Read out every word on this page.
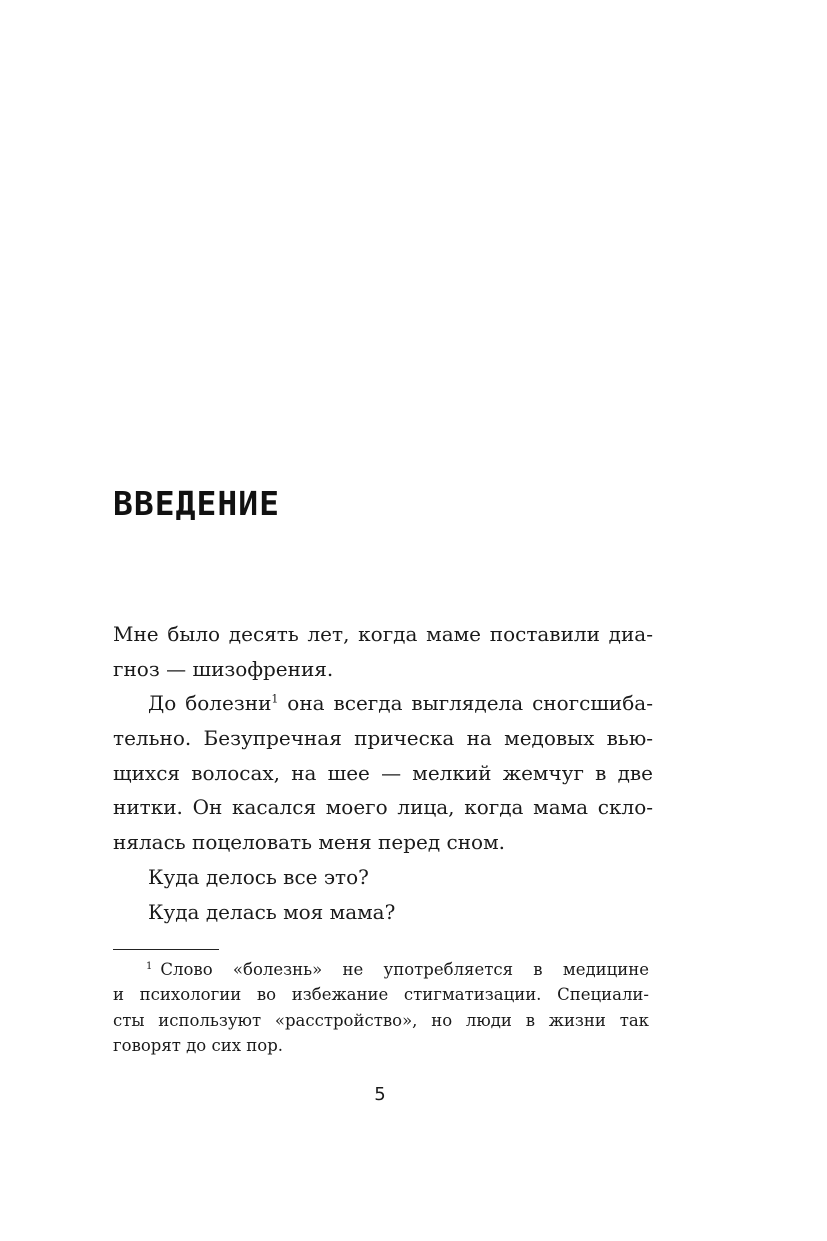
ВВЕДЕНИЕ
Мне было десять лет, когда маме поставили диа-
гноз — шизофрения.
До болезни$^1$ она всегда выглядела сногсшиба-
тельно. Безупречная прическа на медовых вью-
щихся волосах, на шее — мелкий жемчуг в две
нитки. Он касался моего лица, когда мама скло-
нялась поцеловать меня перед сном.
Куда делось все это?
Куда делась моя мама?
$^1$ Слово «болезнь» не употребляется в медицине
и психологии во избежание стигматизации. Специали-
сты используют «расстройство», но люди в жизни так
говорят до сих пор.
5
